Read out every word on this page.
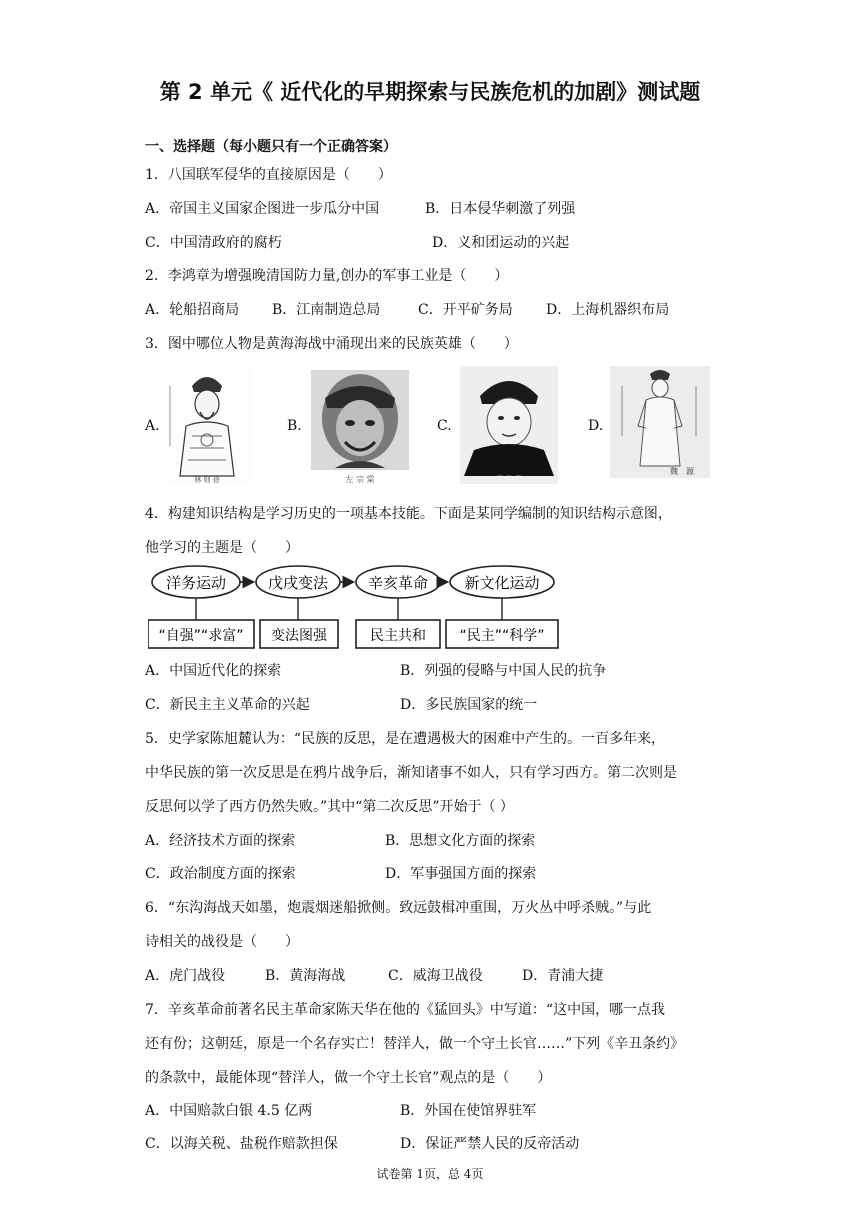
第 2 单元《 近代化的早期探索与民族危机的加剧》测试题
一、选择题（每小题只有一个正确答案）
1．八国联军侵华的直接原因是（　　）
A．帝国主义国家企图进一步瓜分中国	B．日本侵华刺激了列强
C．中国清政府的腐朽	D．义和团运动的兴起
2．李鸿章为增强晚清国防力量,创办的军事工业是（　　）
A．轮船招商局 B．江南制造总局	C．开平矿务局 D．上海机器织布局
3．图中哪位人物是黄海海战中涌现出来的民族英雄（　　）
A.
林 则 徐
B.
左 宗 棠
C.
邓 世 昌
D.
魏　源
4．构建知识结构是学习历史的一项基本技能。下面是某同学编制的知识结构示意图，
他学习的主题是（　　）
洋务运动	戊戌变法	辛亥革命 新文化运动
“自强”“求富” 变法图强	民主共和 “民主”“科学”
A．中国近代化的探索	B．列强的侵略与中国人民的抗争
C．新民主主义革命的兴起	D．多民族国家的统一
5．史学家陈旭麓认为：“民族的反思，是在遭遇极大的困难中产生的。一百多年来，
中华民族的第一次反思是在鸦片战争后，渐知诸事不如人，只有学习西方。第二次则是
反思何以学了西方仍然失败。”其中“第二次反思”开始于（ ）
A．经济技术方面的探索	B．思想文化方面的探索
C．政治制度方面的探索	D．军事强国方面的探索
6．“东沟海战天如墨，炮震烟迷船掀侧。致远鼓楫冲重围，万火丛中呼杀贼。”与此
诗相关的战役是（　　）
A．虎门战役	B．黄海海战	C．威海卫战役	D．青浦大捷
7．辛亥革命前著名民主革命家陈天华在他的《猛回头》中写道：“这中国，哪一点我
还有份；这朝廷，原是一个名存实亡！替洋人，做一个守土长官……”下列《辛丑条约》
的条款中，最能体现“替洋人，做一个守土长官”观点的是（　　）
A．中国赔款白银 4.5 亿两	B．外国在使馆界驻军
C．以海关税、盐税作赔款担保	D．保证严禁人民的反帝活动
试卷第 1页，总 4页
